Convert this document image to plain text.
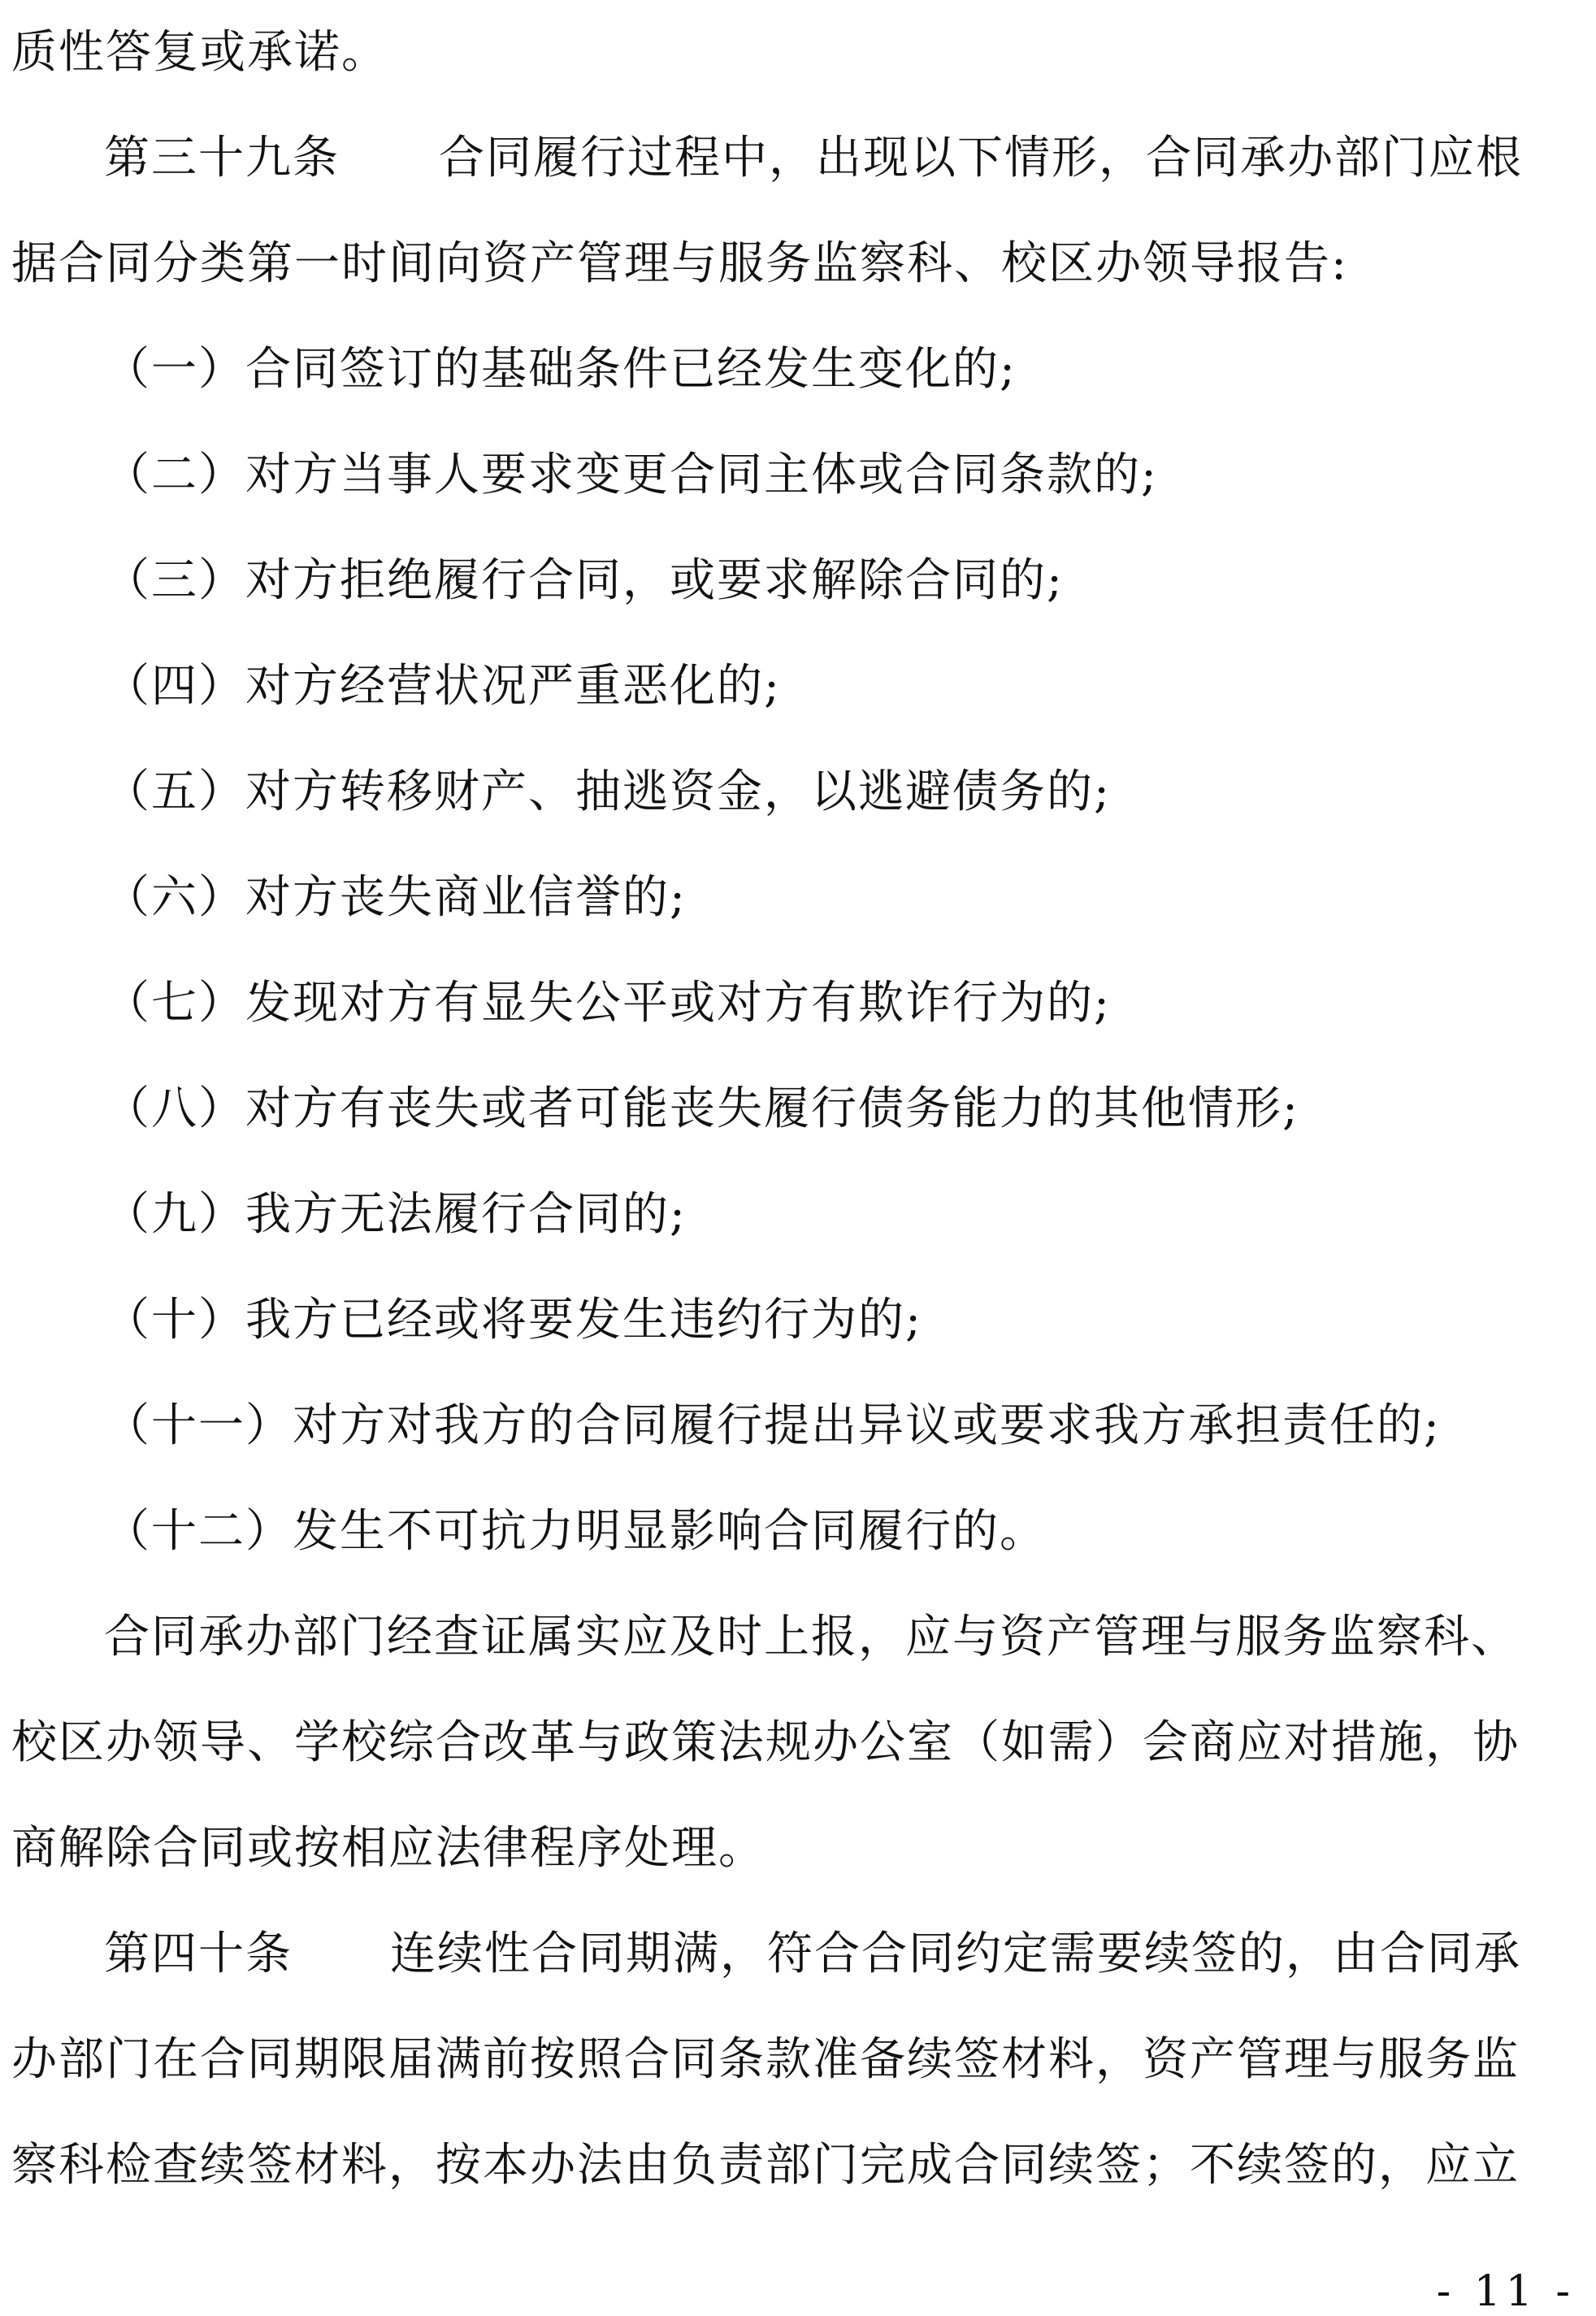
质性答复或承诺。
第三十九条 合同履行过程中，出现以下情形，合同承办部门应根
据合同分类第一时间向资产管理与服务监察科、校区办领导报告:
（一）合同签订的基础条件已经发生变化的;
（二）对方当事人要求变更合同主体或合同条款的;
（三）对方拒绝履行合同，或要求解除合同的;
（四）对方经营状况严重恶化的;
（五）对方转移财产、抽逃资金，以逃避债务的;
（六）对方丧失商业信誉的;
（七）发现对方有显失公平或对方有欺诈行为的;
（八）对方有丧失或者可能丧失履行债务能力的其他情形;
（九）我方无法履行合同的;
（十）我方已经或将要发生违约行为的;
（十一）对方对我方的合同履行提出异议或要求我方承担责任的;
（十二）发生不可抗力明显影响合同履行的。
合同承办部门经查证属实应及时上报，应与资产管理与服务监察科、
校区办领导、学校综合改革与政策法规办公室（如需）会商应对措施，协
商解除合同或按相应法律程序处理。
第四十条 连续性合同期满，符合合同约定需要续签的，由合同承
办部门在合同期限届满前按照合同条款准备续签材料，资产管理与服务监
察科检查续签材料，按本办法由负责部门完成合同续签；不续签的，应立
- 11 -
